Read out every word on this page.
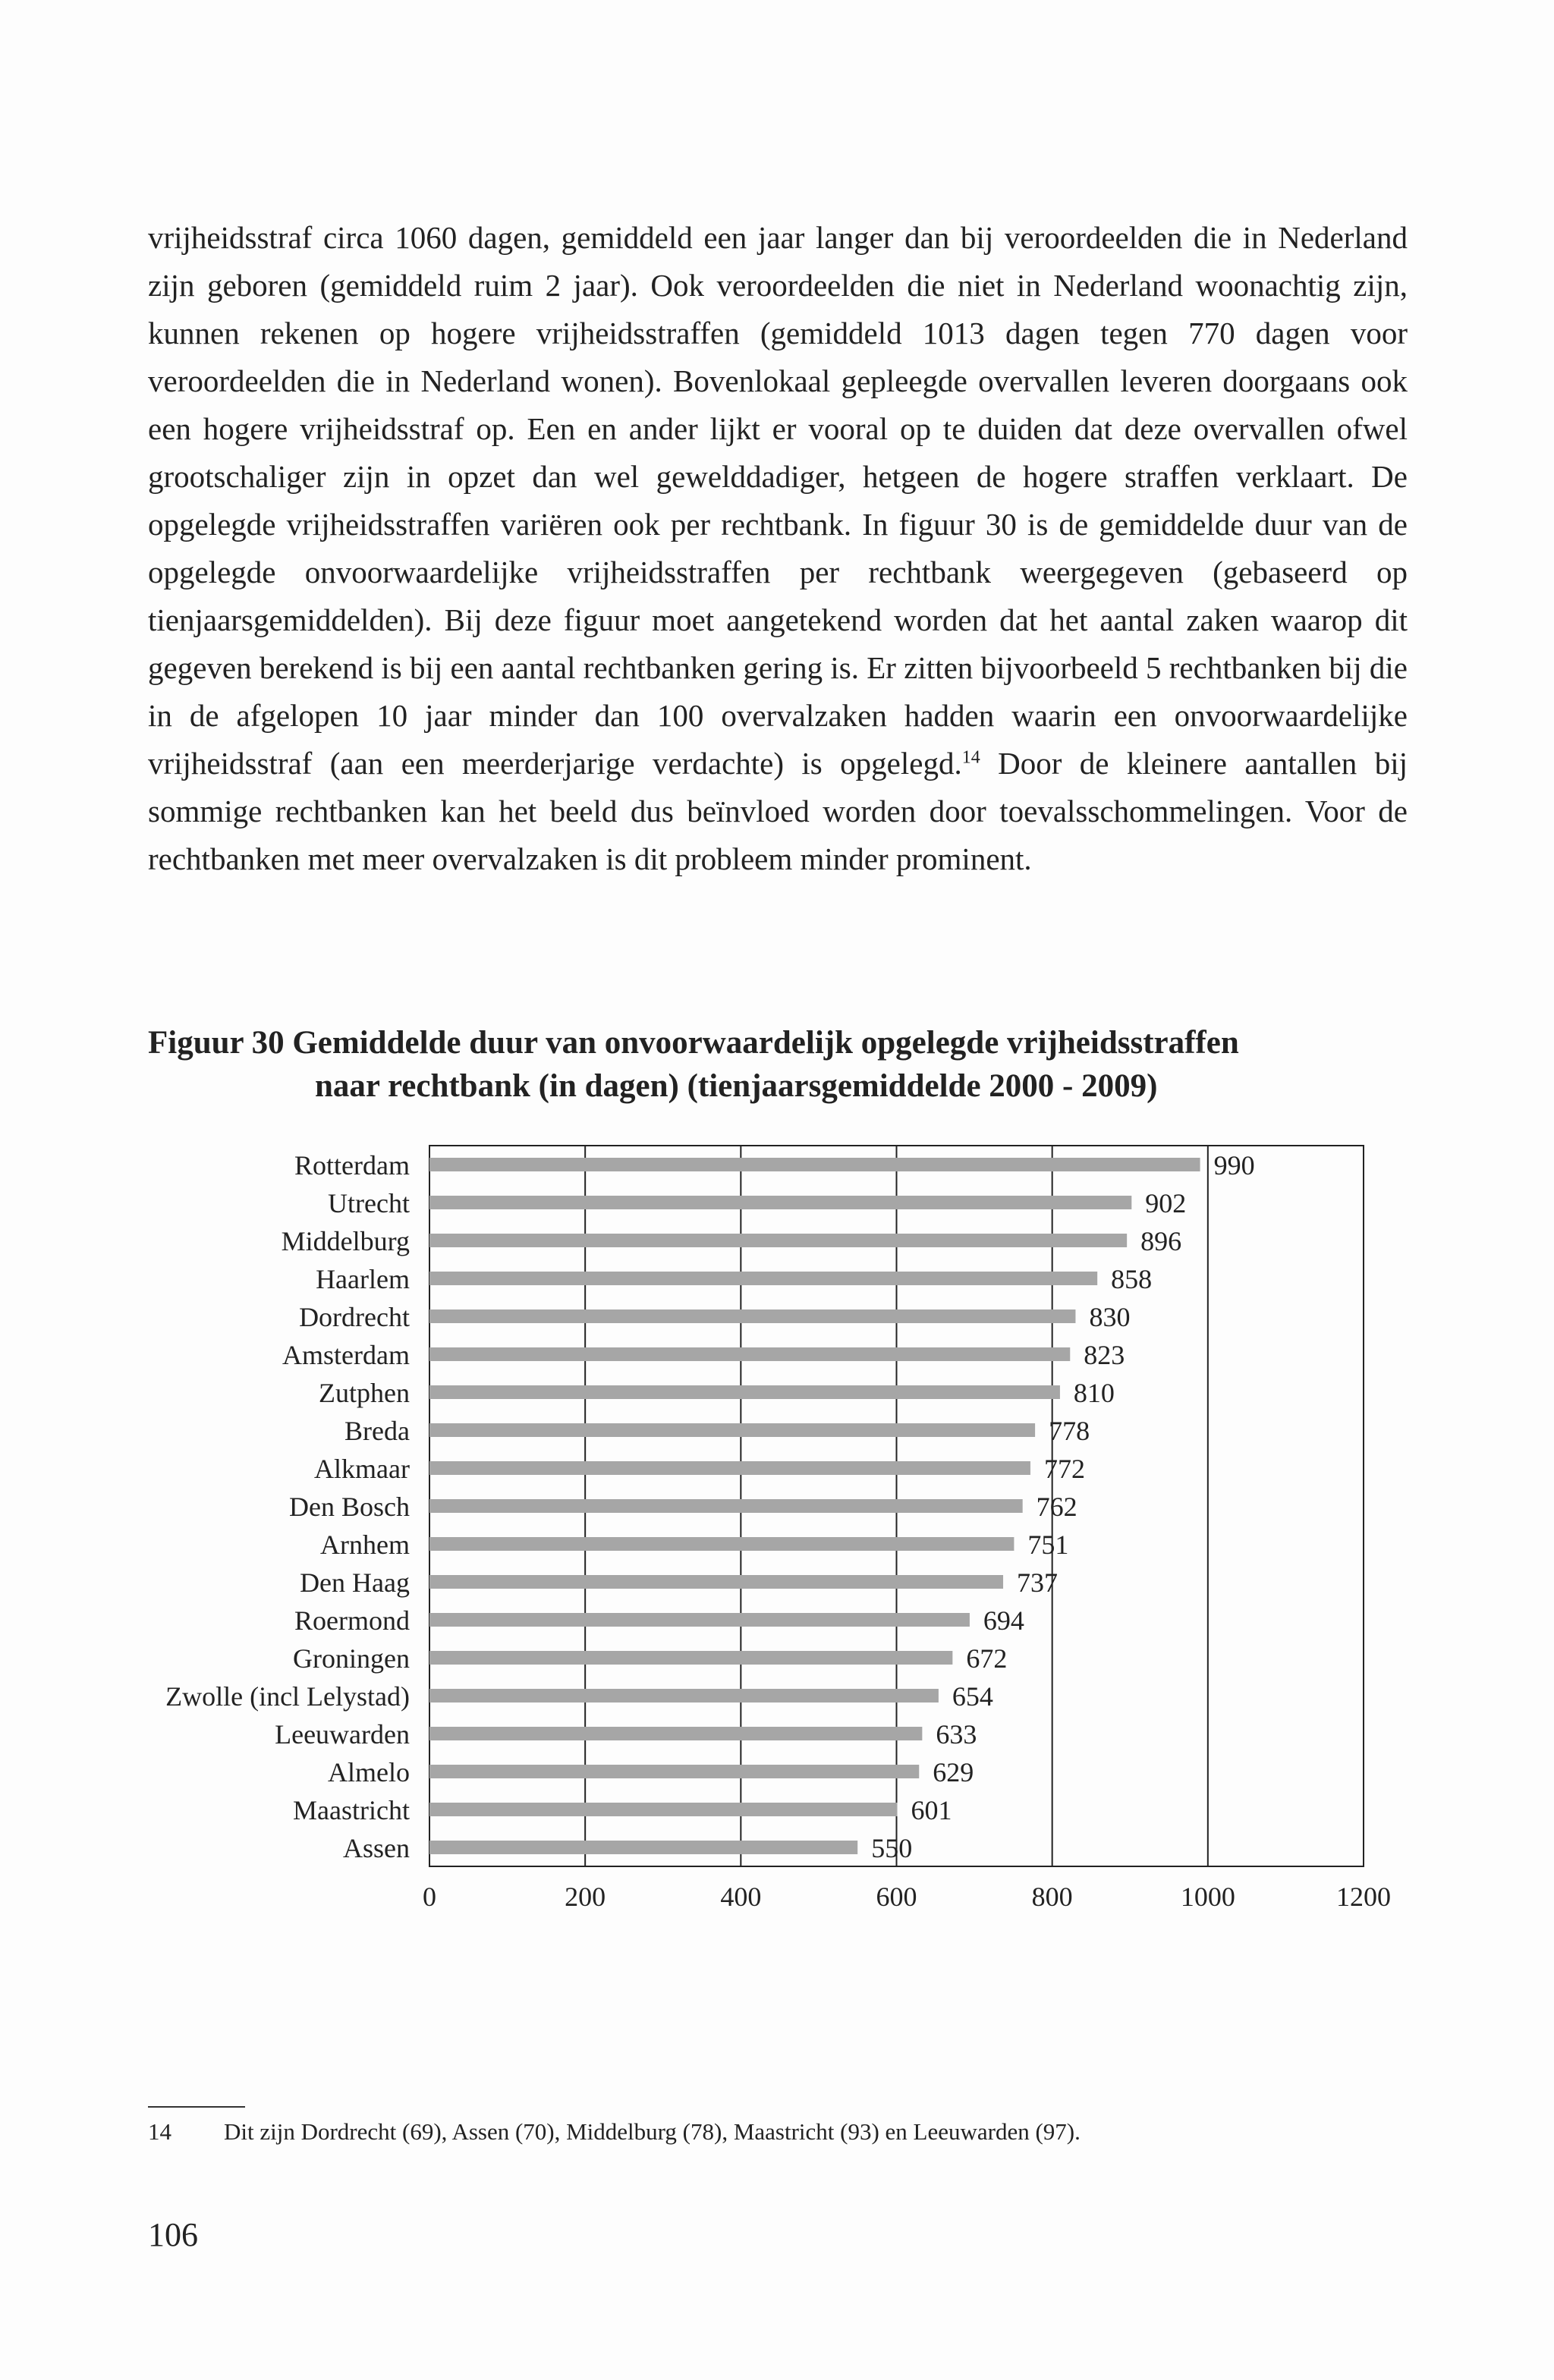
vrijheidsstraf circa 1060 dagen, gemiddeld een jaar langer dan bij veroordeelden die in Nederland zijn geboren (gemiddeld ruim 2 jaar). Ook veroordeelden die niet in Nederland woonachtig zijn, kunnen rekenen op hogere vrijheidsstraffen (gemiddeld 1013 dagen tegen 770 dagen voor veroordeelden die in Nederland wonen). Bovenlokaal gepleegde overvallen leveren doorgaans ook een hogere vrijheidsstraf op. Een en ander lijkt er vooral op te duiden dat deze overvallen ofwel grootschaliger zijn in opzet dan wel gewelddadiger, hetgeen de hogere straffen verklaart. De opgelegde vrijheidsstraffen variëren ook per rechtbank. In figuur 30 is de gemiddelde duur van de opgelegde onvoorwaardelijke vrijheidsstraffen per rechtbank weergegeven (gebaseerd op tienjaarsgemiddelden). Bij deze figuur moet aangetekend worden dat het aantal zaken waarop dit gegeven berekend is bij een aantal rechtbanken gering is. Er zitten bijvoorbeeld 5 rechtbanken bij die in de afgelopen 10 jaar minder dan 100 overvalzaken hadden waarin een onvoorwaardelijke vrijheidsstraf (aan een meerderjarige verdachte) is opgelegd.$^{14}$ Door de kleinere aantallen bij sommige rechtbanken kan het beeld dus beïnvloed worden door toevalsschommelingen. Voor de rechtbanken met meer overvalzaken is dit probleem minder prominent.

Figuur 30 Gemiddelde duur van onvoorwaardelijk opgelegde vrijheidsstraffen
naar rechtbank (in dagen) (tienjaarsgemiddelde 2000 - 2009)
Rotterdam	990
Utrecht	902
Middelburg	896
Haarlem	858
Dordrecht	830
Amsterdam	823
Zutphen	810
Breda	778
Alkmaar	772
Den Bosch	762
Arnhem	751
Den Haag	737
Roermond	694
Groningen	672
Zwolle (incl Lelystad)	654
Leeuwarden	633
Almelo	629
Maastricht	601
Assen	550
0	200	400	600	800	1000	1200

14 Dit zijn Dordrecht (69), Assen (70), Middelburg (78), Maastricht (93) en Leeuwarden (97).

106
